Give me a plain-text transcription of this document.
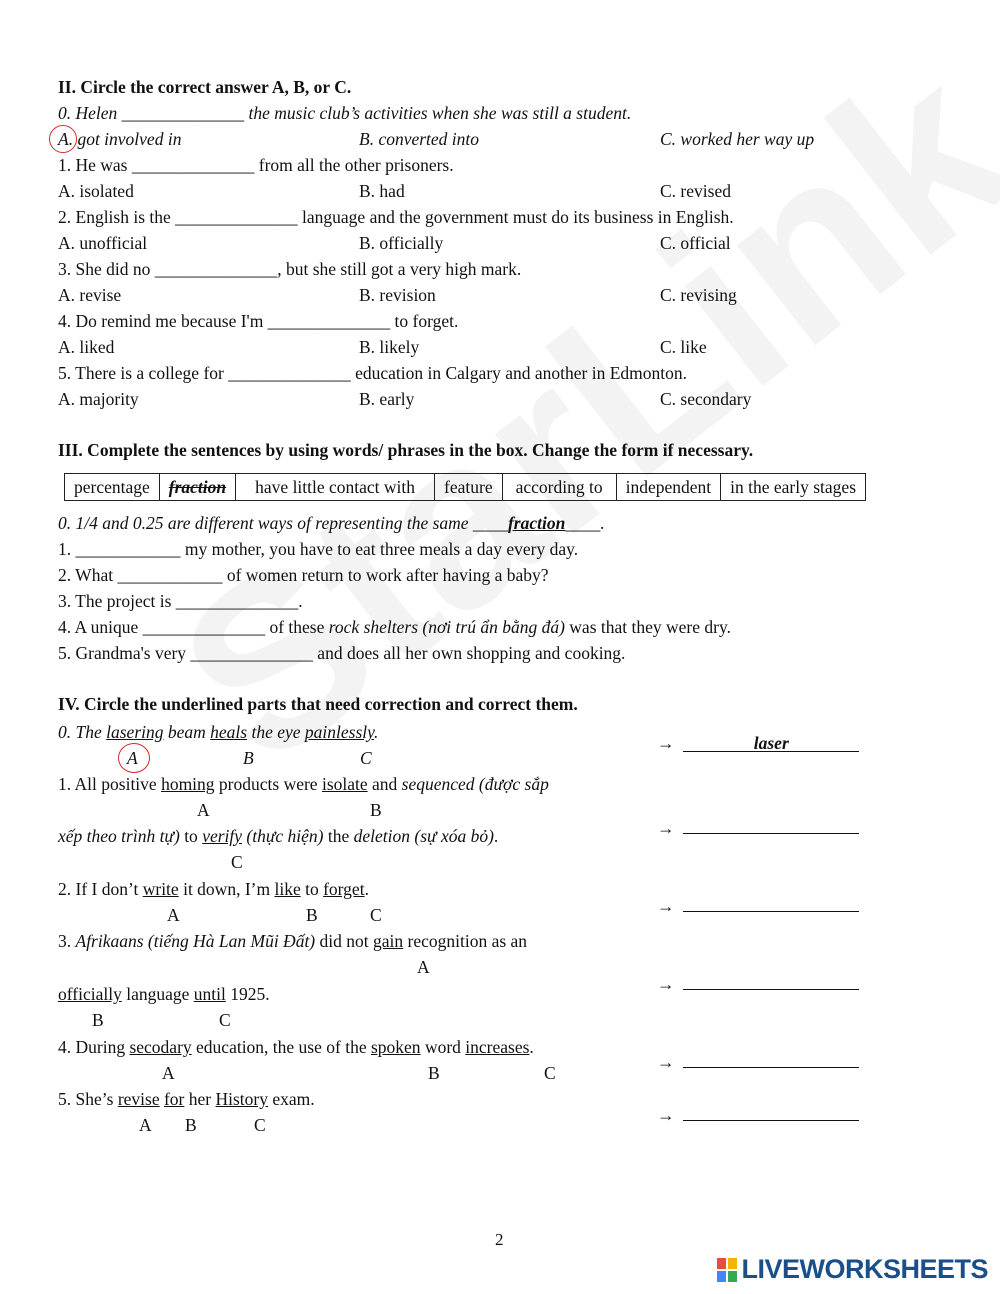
II. Circle the correct answer A, B, or C.
0. Helen ______________ the music club’s activities when she was still a student.
A. got involved in	B. converted into	C. worked her way up
1. He was ______________ from all the other prisoners.
A. isolated	B. had	C. revised
2. English is the ______________ language and the government must do its business in English.
A. unofficial	B. officially	C. official
3. She did no ______________, but she still got a very high mark.
A. revise	B. revision	C. revising
4. Do remind me because I'm ______________ to forget.
A. liked	B. likely	C. like
5. There is a college for ______________ education in Calgary and another in Edmonton.
A. majority	B. early	C. secondary
III. Complete the sentences by using words/ phrases in the box. Change the form if necessary.
percentage	fraction	have little contact with	feature	according to	independent	in the early stages
0. 1/4 and 0.25 are different ways of representing the same ____fraction____.
1. ____________ my mother, you have to eat three meals a day every day.
2. What ____________ of women return to work after having a baby?
3. The project is ______________.
4. A unique ______________ of these rock shelters (nơi trú ẩn bằng đá) was that they were dry.
5. Grandma's very ______________ and does all her own shopping and cooking.
IV. Circle the underlined parts that need correction and correct them.
0. The lasering beam heals the eye painlessly.
A	B	C
→	laser
1. All positive homing products were isolate and sequenced (được sắp
A	B
xếp theo trình tự) to verify (thực hiện) the deletion (sự xóa bỏ).
C
→
2. If I don’t write it down, I’m like to forget.
A	B	C	→
3. Afrikaans (tiếng Hà Lan Mũi Đất) did not gain recognition as an
A
officially language until 1925.
B	C
→
4. During secodary education, the use of the spoken word increases.
A	B	C
→
5. She’s revise for her History exam.
A B	C	→
2
LIVEWORKSHEETS
